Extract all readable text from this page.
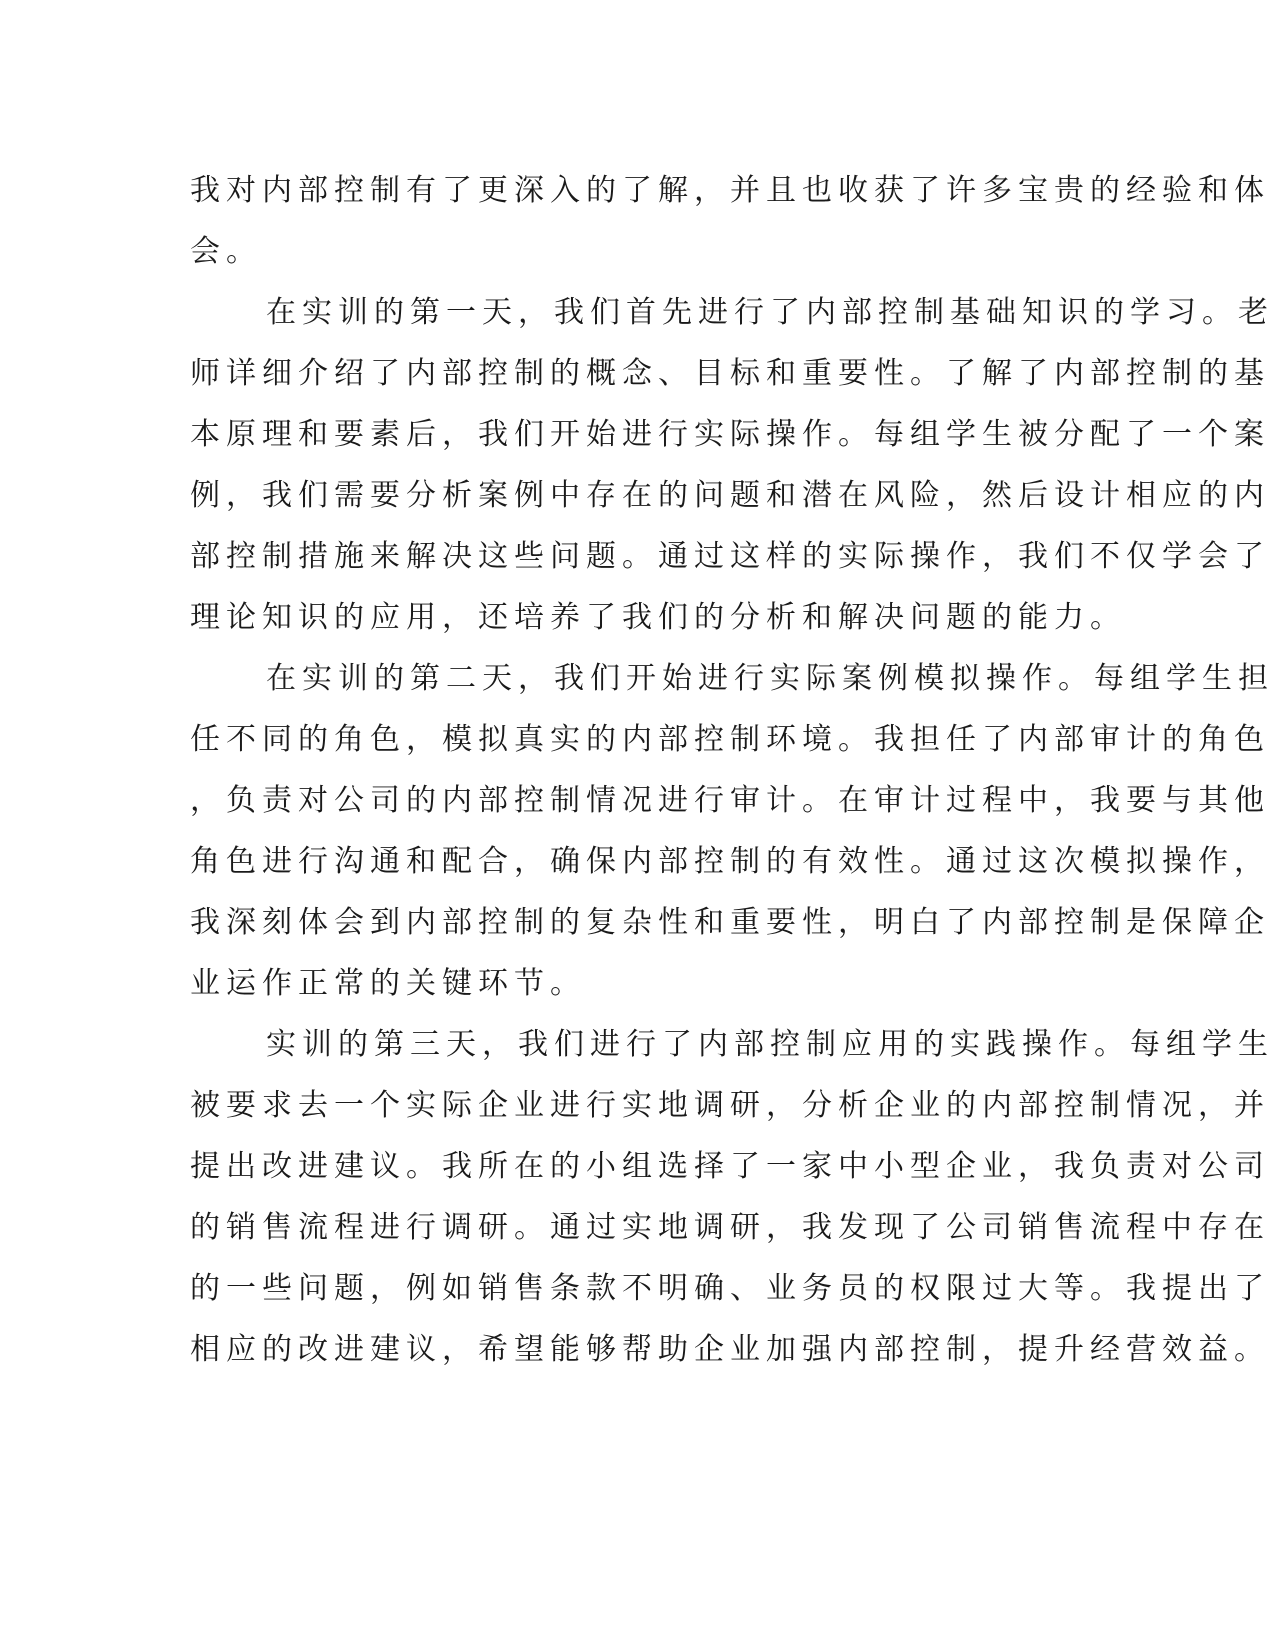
我对内部控制有了更深入的了解，并且也收获了许多宝贵的经验和体
会。

在实训的第一天，我们首先进行了内部控制基础知识的学习。老
师详细介绍了内部控制的概念、目标和重要性。了解了内部控制的基
本原理和要素后，我们开始进行实际操作。每组学生被分配了一个案
例，我们需要分析案例中存在的问题和潜在风险，然后设计相应的内
部控制措施来解决这些问题。通过这样的实际操作，我们不仅学会了
理论知识的应用，还培养了我们的分析和解决问题的能力。

在实训的第二天，我们开始进行实际案例模拟操作。每组学生担
任不同的角色，模拟真实的内部控制环境。我担任了内部审计的角色
，负责对公司的内部控制情况进行审计。在审计过程中，我要与其他
角色进行沟通和配合，确保内部控制的有效性。通过这次模拟操作，
我深刻体会到内部控制的复杂性和重要性，明白了内部控制是保障企
业运作正常的关键环节。

实训的第三天，我们进行了内部控制应用的实践操作。每组学生
被要求去一个实际企业进行实地调研，分析企业的内部控制情况，并
提出改进建议。我所在的小组选择了一家中小型企业，我负责对公司
的销售流程进行调研。通过实地调研，我发现了公司销售流程中存在
的一些问题，例如销售条款不明确、业务员的权限过大等。我提出了
相应的改进建议，希望能够帮助企业加强内部控制，提升经营效益。
